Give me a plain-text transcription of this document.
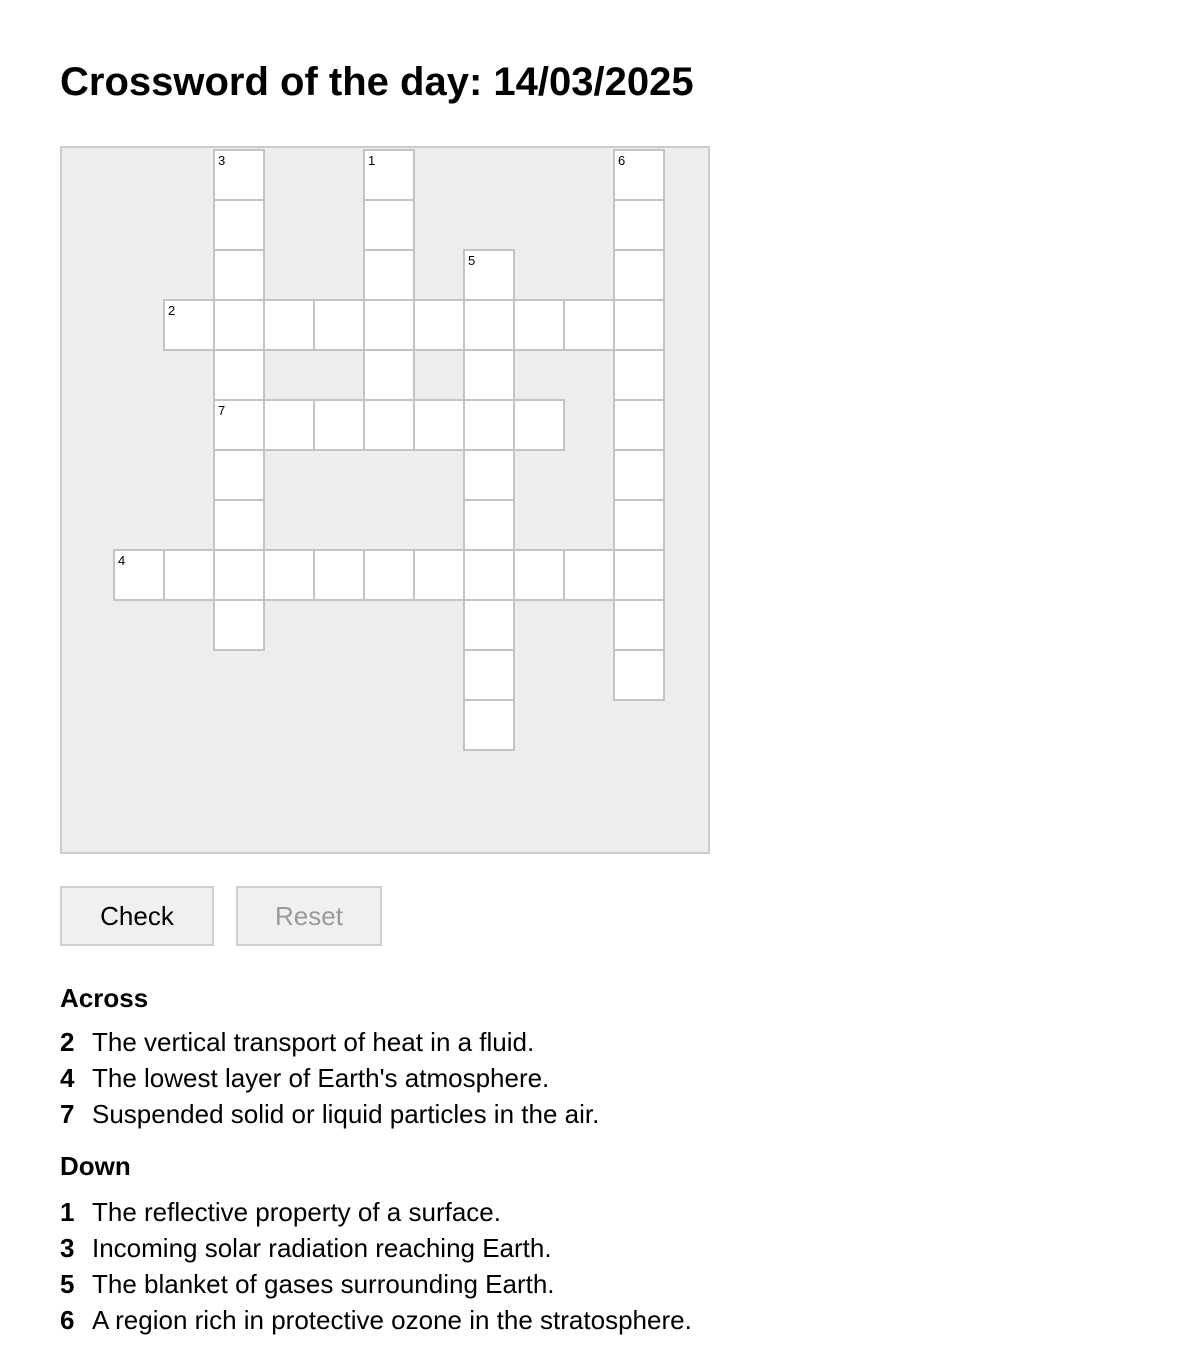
Crossword of the day: 14/03/2025
1
2
3
7
4
5
6
Check	Reset
Across
2 The vertical transport of heat in a fluid.
4 The lowest layer of Earth's atmosphere.
7 Suspended solid or liquid particles in the air.
Down
1 The reflective property of a surface.
3 Incoming solar radiation reaching Earth.
5 The blanket of gases surrounding Earth.
6 A region rich in protective ozone in the stratosphere.
